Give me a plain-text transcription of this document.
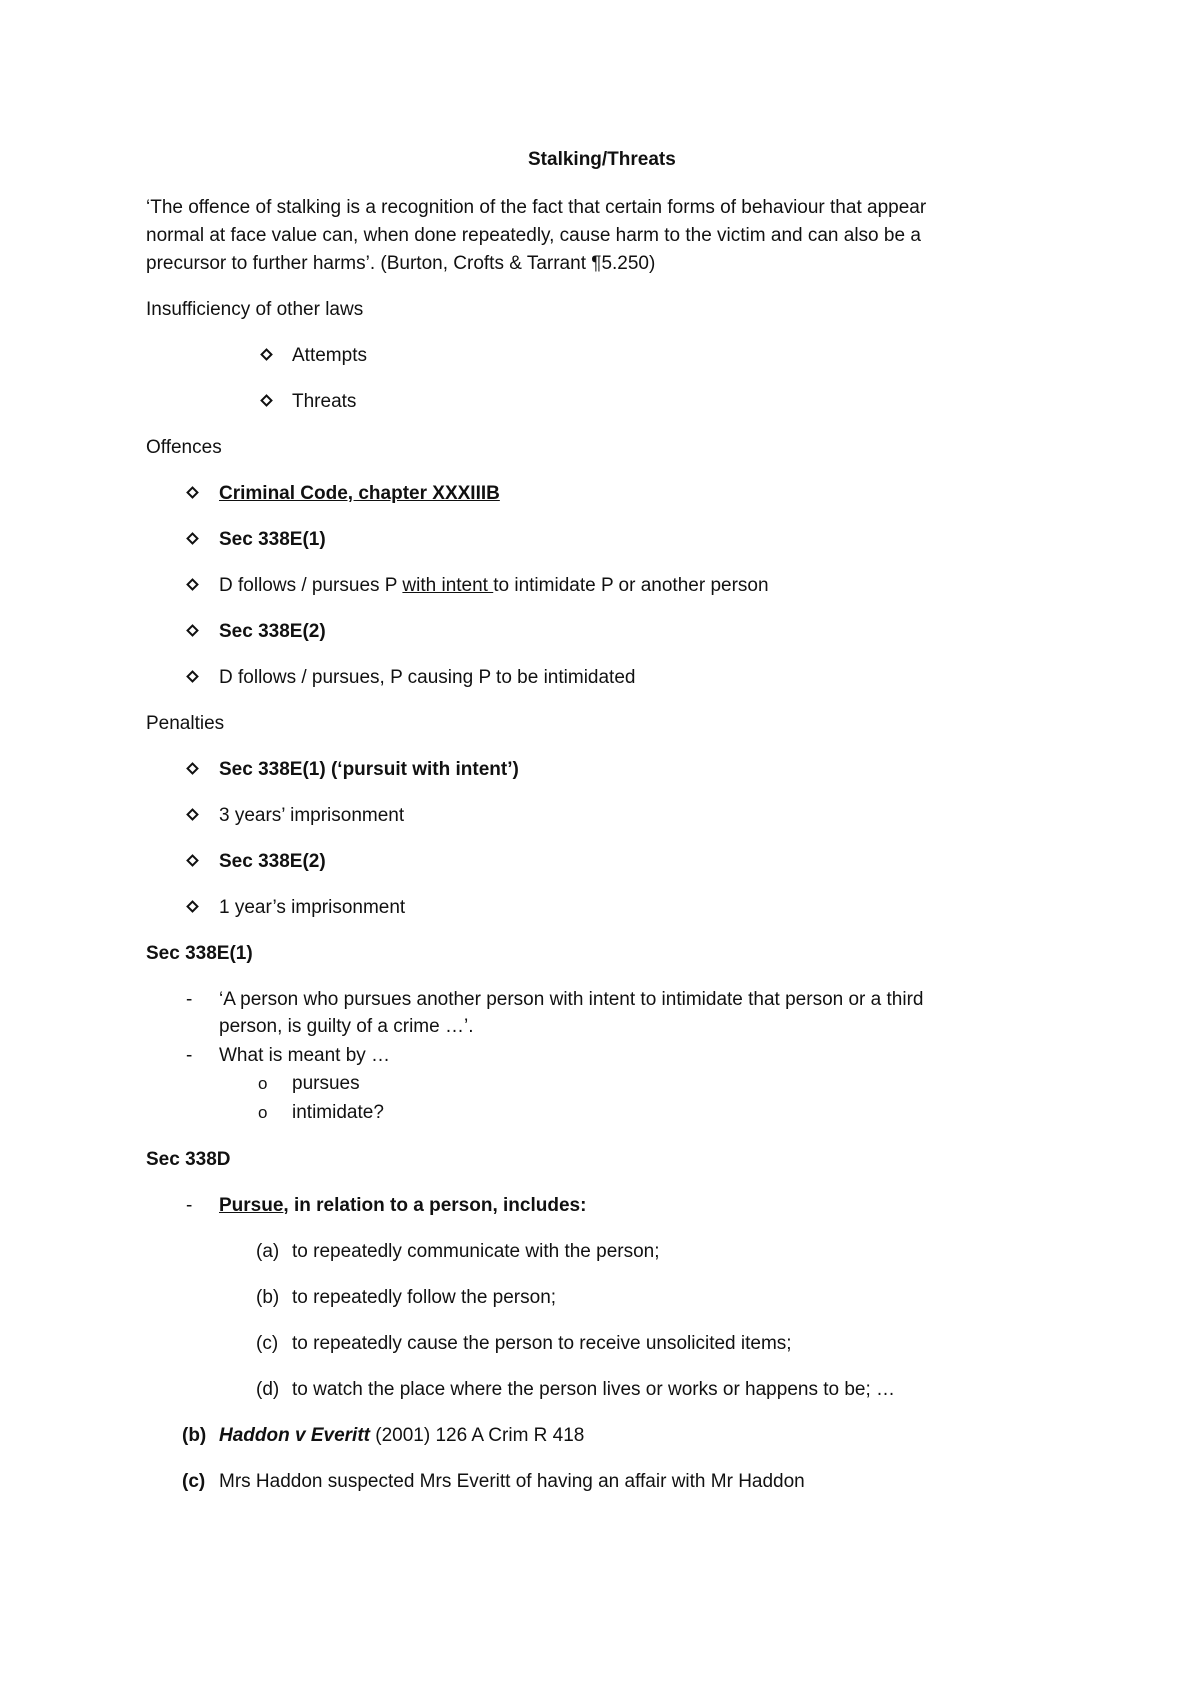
Stalking/Threats
‘The offence of stalking is a recognition of the fact that certain forms of behaviour that appear
normal at face value can, when done repeatedly, cause harm to the victim and can also be a
precursor to further harms’. (Burton, Crofts & Tarrant ¶5.250)
Insufficiency of other laws
Attempts
Threats
Offences
Criminal Code, chapter XXXIIIB
Sec 338E(1)
D follows / pursues P with intent to intimidate P or another person
Sec 338E(2)
D follows / pursues, P causing P to be intimidated
Penalties
Sec 338E(1) (‘pursuit with intent’)
3 years’ imprisonment
Sec 338E(2)
1 year’s imprisonment
Sec 338E(1)
- ‘A person who pursues another person with intent to intimidate that person or a third
person, is guilty of a crime …’.
- What is meant by …
o pursues
o intimidate?
Sec 338D
- Pursue, in relation to a person, includes:
(a) to repeatedly communicate with the person;
(b) to repeatedly follow the person;
(c) to repeatedly cause the person to receive unsolicited items;
(d) to watch the place where the person lives or works or happens to be; …
(b) Haddon v Everitt (2001) 126 A Crim R 418
(c) Mrs Haddon suspected Mrs Everitt of having an affair with Mr Haddon
